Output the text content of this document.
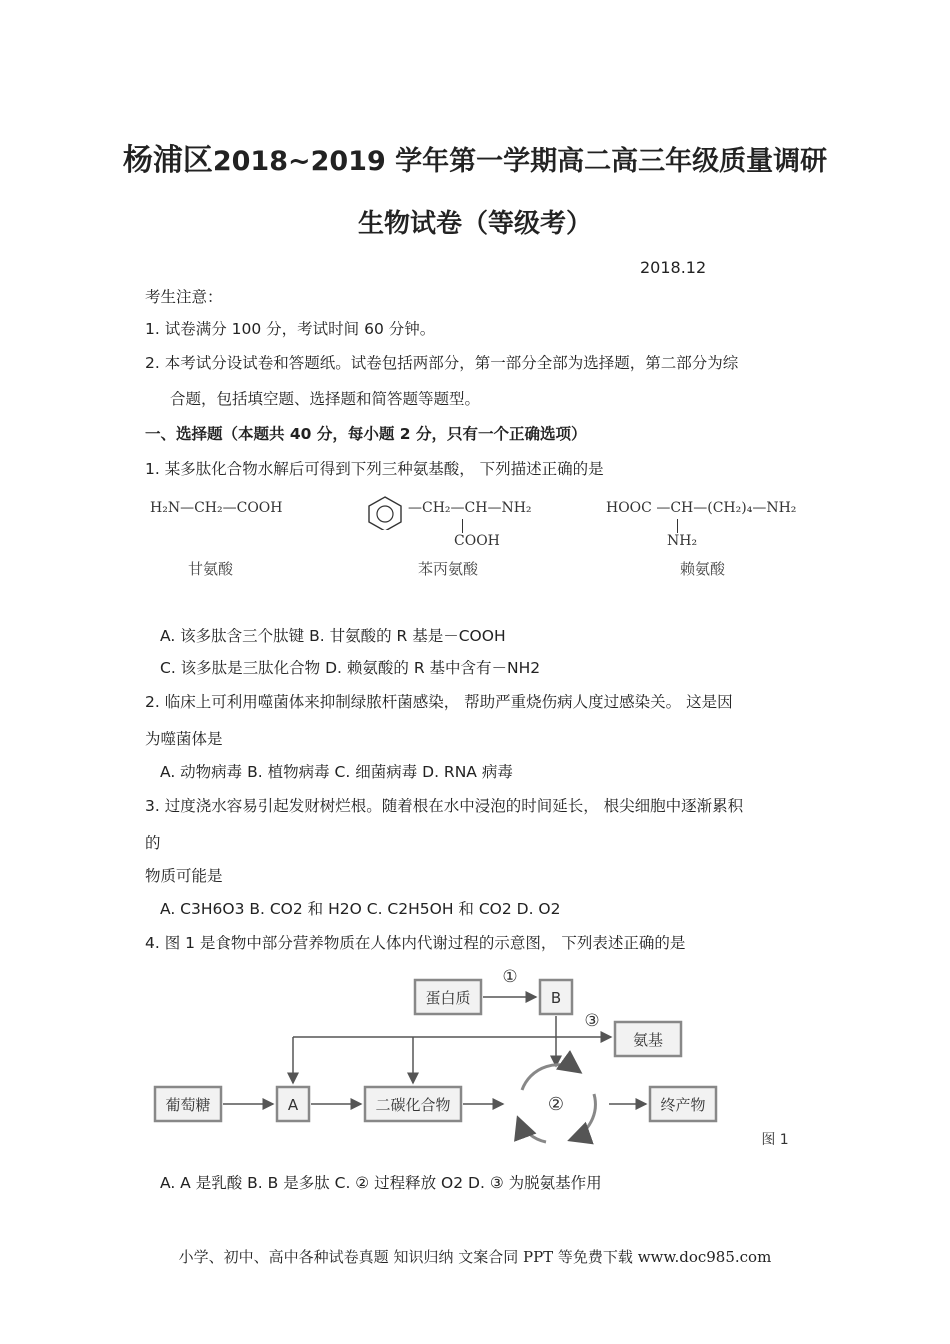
杨浦区2018~2019 学年第一学期高二高三年级质量调研
生物试卷（等级考）
2018.12
考生注意：
1. 试卷满分 100 分，考试时间 60 分钟。
2. 本考试分设试卷和答题纸。试卷包括两部分，第一部分全部为选择题，第二部分为综
合题，包括填空题、选择题和简答题等题型。
一、选择题（本题共 40 分，每小题 2 分，只有一个正确选项）
1. 某多肽化合物水解后可得到下列三种氨基酸， 下列描述正确的是
H₂N—CH₂—COOH
甘氨酸
—CH₂—CH—NH₂
COOH
苯丙氨酸
HOOC —CH—(CH₂)₄—NH₂
NH₂
赖氨酸
A. 该多肽含三个肽键 B. 甘氨酸的 R 基是－COOH
C. 该多肽是三肽化合物 D. 赖氨酸的 R 基中含有－NH2
2. 临床上可利用噬菌体来抑制绿脓杆菌感染， 帮助严重烧伤病人度过感染关。 这是因
为噬菌体是
A. 动物病毒 B. 植物病毒 C. 细菌病毒 D. RNA 病毒
3. 过度浇水容易引起发财树烂根。随着根在水中浸泡的时间延长， 根尖细胞中逐渐累积
的
物质可能是
A. C3H6O3 B. CO2 和 H2O C. C2H5OH 和 CO2 D. O2
4. 图 1 是食物中部分营养物质在人体内代谢过程的示意图， 下列表述正确的是
蛋白质	B
氨基
葡萄糖	A	二碳化合物	终产物
②
①
③
图 1
A. A 是乳酸 B. B 是多肽 C. ② 过程释放 O2 D. ③ 为脱氨基作用
小学、初中、高中各种试卷真题 知识归纳 文案合同 PPT 等免费下载 www.doc985.com
